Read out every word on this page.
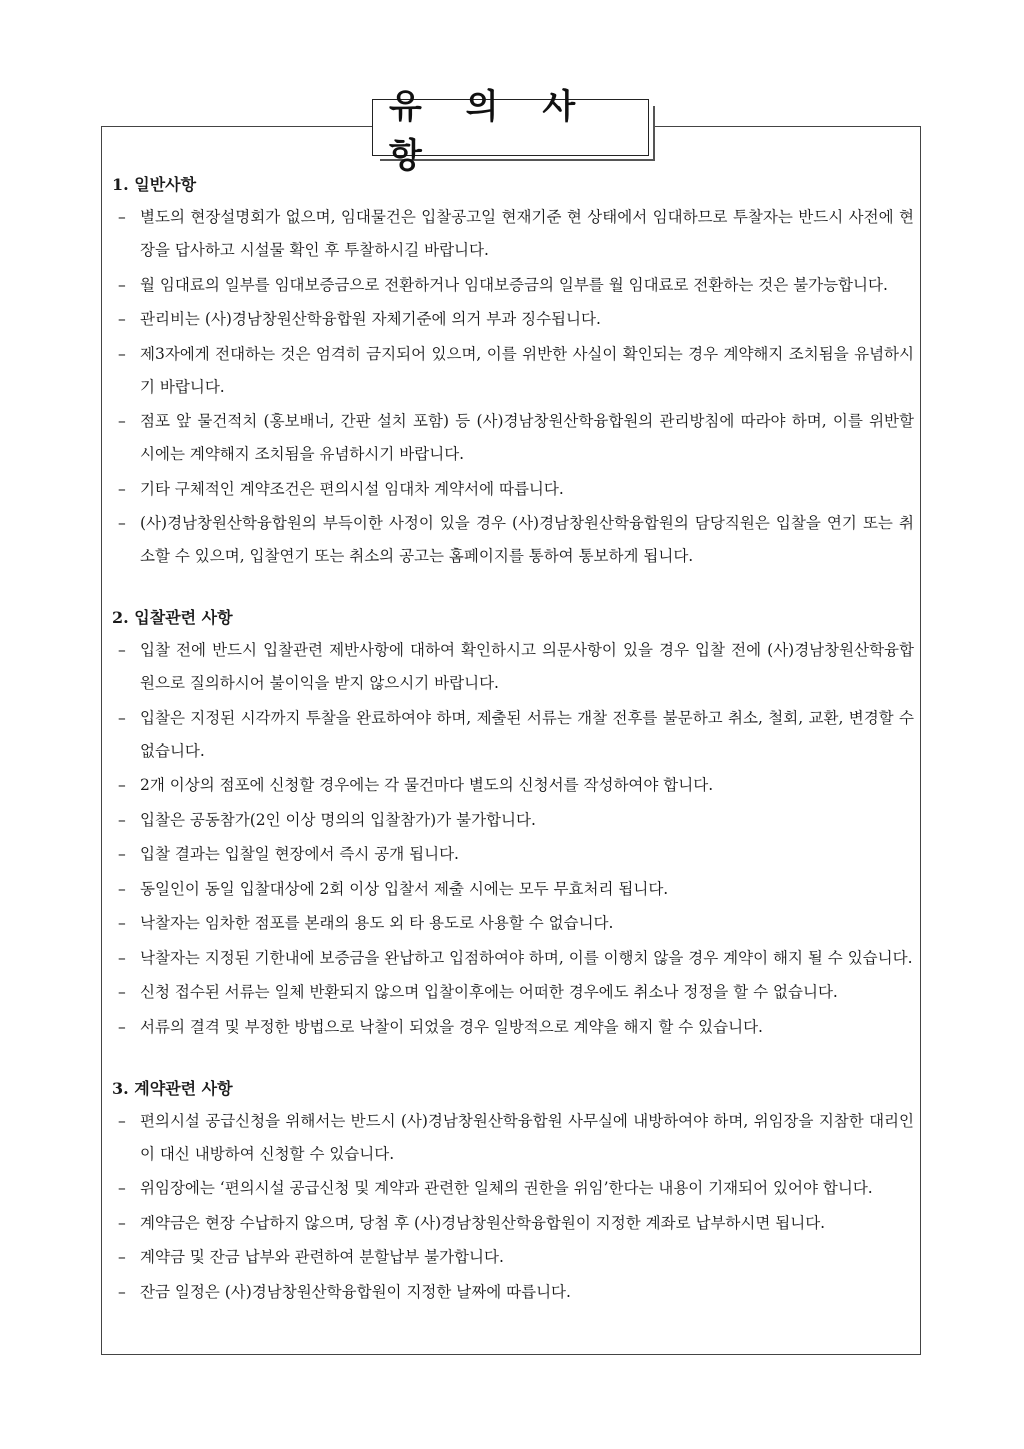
유 의 사 항
1. 일반사항
– 별도의 현장설명회가 없으며, 임대물건은 입찰공고일 현재기준 현 상태에서 임대하므로 투찰자는 반드시 사전에 현장을 답사하고 시설물 확인 후 투찰하시길 바랍니다.
– 월 임대료의 일부를 임대보증금으로 전환하거나 임대보증금의 일부를 월 임대료로 전환하는 것은 불가능합니다.
– 관리비는 (사)경남창원산학융합원 자체기준에 의거 부과 징수됩니다.
– 제3자에게 전대하는 것은 엄격히 금지되어 있으며, 이를 위반한 사실이 확인되는 경우 계약해지 조치됨을 유념하시기 바랍니다.
– 점포 앞 물건적치 (홍보배너, 간판 설치 포함) 등 (사)경남창원산학융합원의 관리방침에 따라야 하며, 이를 위반할 시에는 계약해지 조치됨을 유념하시기 바랍니다.
– 기타 구체적인 계약조건은 편의시설 임대차 계약서에 따릅니다.
– (사)경남창원산학융합원의 부득이한 사정이 있을 경우 (사)경남창원산학융합원의 담당직원은 입찰을 연기 또는 취소할 수 있으며, 입찰연기 또는 취소의 공고는 홈페이지를 통하여 통보하게 됩니다.
2. 입찰관련 사항
– 입찰 전에 반드시 입찰관련 제반사항에 대하여 확인하시고 의문사항이 있을 경우 입찰 전에 (사)경남창원산학융합원으로 질의하시어 불이익을 받지 않으시기 바랍니다.
– 입찰은 지정된 시각까지 투찰을 완료하여야 하며, 제출된 서류는 개찰 전후를 불문하고 취소, 철회, 교환, 변경할 수 없습니다.
– 2개 이상의 점포에 신청할 경우에는 각 물건마다 별도의 신청서를 작성하여야 합니다.
– 입찰은 공동참가(2인 이상 명의의 입찰참가)가 불가합니다.
– 입찰 결과는 입찰일 현장에서 즉시 공개 됩니다.
– 동일인이 동일 입찰대상에 2회 이상 입찰서 제출 시에는 모두 무효처리 됩니다.
– 낙찰자는 임차한 점포를 본래의 용도 외 타 용도로 사용할 수 없습니다.
– 낙찰자는 지정된 기한내에 보증금을 완납하고 입점하여야 하며, 이를 이행치 않을 경우 계약이 해지 될 수 있습니다.
– 신청 접수된 서류는 일체 반환되지 않으며 입찰이후에는 어떠한 경우에도 취소나 정정을 할 수 없습니다.
– 서류의 결격 및 부정한 방법으로 낙찰이 되었을 경우 일방적으로 계약을 해지 할 수 있습니다.
3. 계약관련 사항
– 편의시설 공급신청을 위해서는 반드시 (사)경남창원산학융합원 사무실에 내방하여야 하며, 위임장을 지참한 대리인이 대신 내방하여 신청할 수 있습니다.
– 위임장에는 ‘편의시설 공급신청 및 계약과 관련한 일체의 권한을 위임’한다는 내용이 기재되어 있어야 합니다.
– 계약금은 현장 수납하지 않으며, 당첨 후 (사)경남창원산학융합원이 지정한 계좌로 납부하시면 됩니다.
– 계약금 및 잔금 납부와 관련하여 분할납부 불가합니다.
– 잔금 일정은 (사)경남창원산학융합원이 지정한 날짜에 따릅니다.
